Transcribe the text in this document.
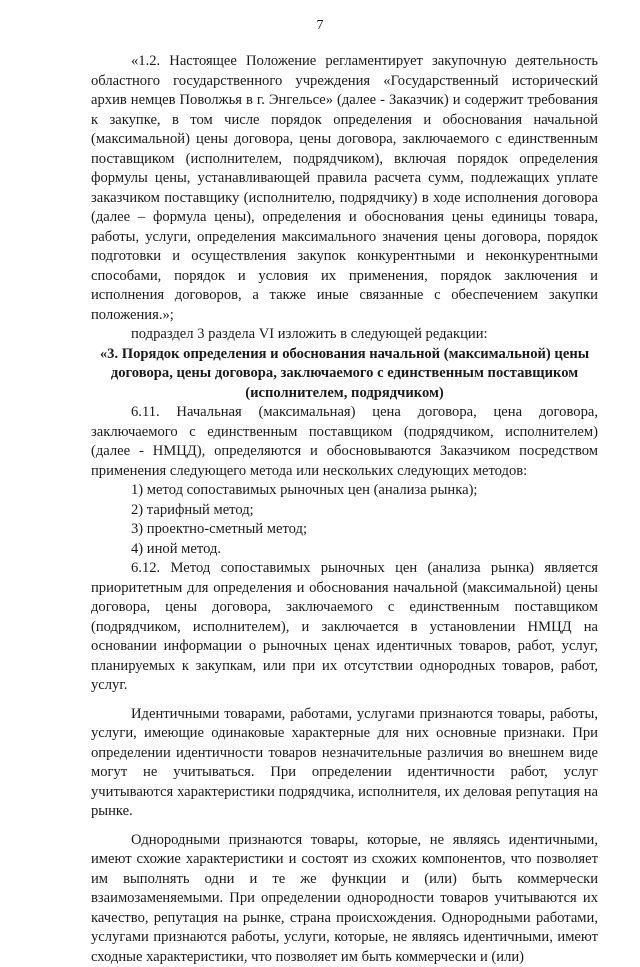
7

«1.2. Настоящее Положение регламентирует закупочную деятельность областного государственного учреждения «Государственный исторический архив немцев Поволжья в г. Энгельсе» (далее - Заказчик) и содержит требования к закупке, в том числе порядок определения и обоснования начальной (максимальной) цены договора, цены договора, заключаемого с единственным поставщиком (исполнителем, подрядчиком), включая порядок определения формулы цены, устанавливающей правила расчета сумм, подлежащих уплате заказчиком поставщику (исполнителю, подрядчику) в ходе исполнения договора (далее – формула цены), определения и обоснования цены единицы товара, работы, услуги, определения максимального значения цены договора, порядок подготовки и осуществления закупок конкурентными и неконкурентными способами, порядок и условия их применения, порядок заключения и исполнения договоров, а также иные связанные с обеспечением закупки положения.»;

подраздел 3 раздела VI изложить в следующей редакции:

«3. Порядок определения и обоснования начальной (максимальной) цены договора, цены договора, заключаемого с единственным поставщиком (исполнителем, подрядчиком)

6.11. Начальная (максимальная) цена договора, цена договора, заключаемого с единственным поставщиком (подрядчиком, исполнителем) (далее - НМЦД), определяются и обосновываются Заказчиком посредством применения следующего метода или нескольких следующих методов:

1) метод сопоставимых рыночных цен (анализа рынка);

2) тарифный метод;

3) проектно-сметный метод;

4) иной метод.

6.12. Метод сопоставимых рыночных цен (анализа рынка) является приоритетным для определения и обоснования начальной (максимальной) цены договора, цены договора, заключаемого с единственным поставщиком (подрядчиком, исполнителем), и заключается в установлении НМЦД на основании информации о рыночных ценах идентичных товаров, работ, услуг, планируемых к закупкам, или при их отсутствии однородных товаров, работ, услуг.

Идентичными товарами, работами, услугами признаются товары, работы, услуги, имеющие одинаковые характерные для них основные признаки. При определении идентичности товаров незначительные различия во внешнем виде могут не учитываться. При определении идентичности работ, услуг учитываются характеристики подрядчика, исполнителя, их деловая репутация на рынке.

Однородными признаются товары, которые, не являясь идентичными, имеют схожие характеристики и состоят из схожих компонентов, что позволяет им выполнять одни и те же функции и (или) быть коммерчески взаимозаменяемыми. При определении однородности товаров учитываются их качество, репутация на рынке, страна происхождения. Однородными работами, услугами признаются работы, услуги, которые, не являясь идентичными, имеют сходные характеристики, что позволяет им быть коммерчески и (или)
